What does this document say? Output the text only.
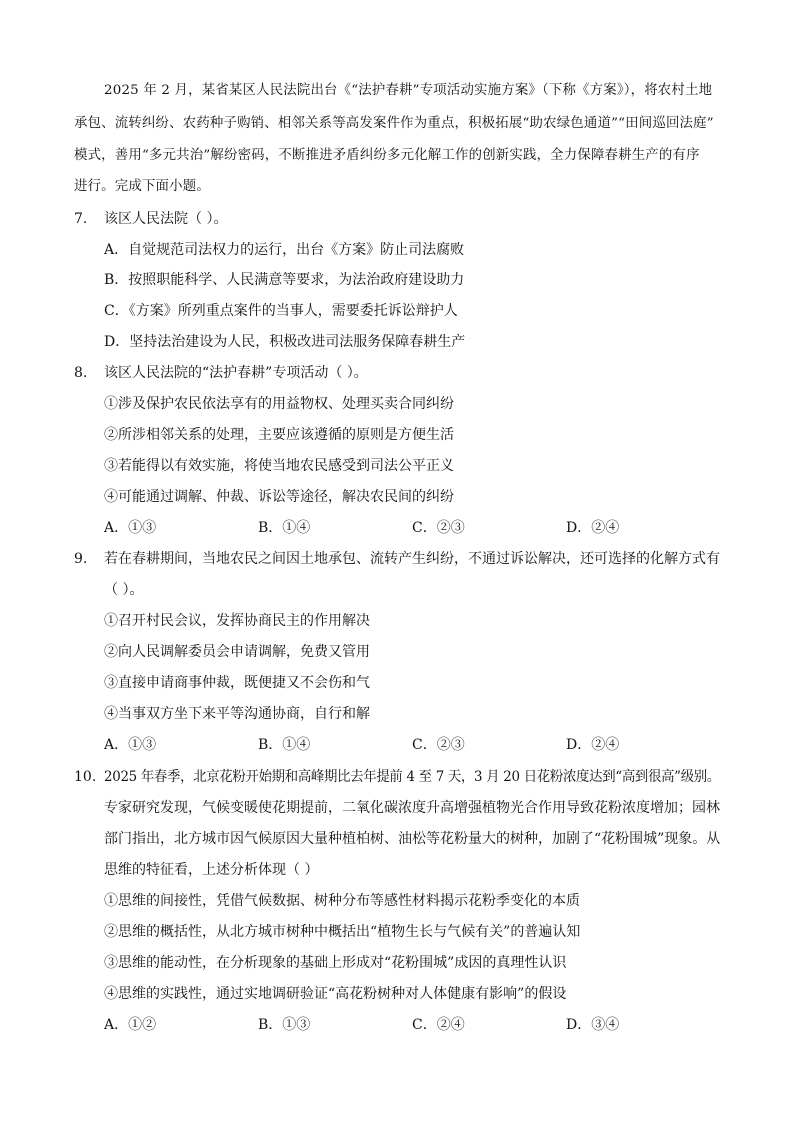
2025 年 2 月，某省某区人民法院出台《“法护春耕”专项活动实施方案》（下称《方案》），将农村土地
承包、流转纠纷、农药种子购销、相邻关系等高发案件作为重点，积极拓展“助农绿色通道”“田间巡回法庭”
模式，善用“多元共治”解纷密码，不断推进矛盾纠纷多元化解工作的创新实践，全力保障春耕生产的有序
进行。完成下面小题。
7. 该区人民法院（ ）。
A．自觉规范司法权力的运行，出台《方案》防止司法腐败
B．按照职能科学、人民满意等要求，为法治政府建设助力
C．《方案》所列重点案件的当事人，需要委托诉讼辩护人
D．坚持法治建设为人民，积极改进司法服务保障春耕生产
8. 该区人民法院的“法护春耕”专项活动（ ）。
①涉及保护农民依法享有的用益物权、处理买卖合同纠纷
②所涉相邻关系的处理，主要应该遵循的原则是方便生活
③若能得以有效实施，将使当地农民感受到司法公平正义
④可能通过调解、仲裁、诉讼等途径，解决农民间的纠纷
A．①③	B．①④	C．②③	D．②④
9. 若在春耕期间，当地农民之间因土地承包、流转产生纠纷，不通过诉讼解决，还可选择的化解方式有
（ ）。
①召开村民会议，发挥协商民主的作用解决
②向人民调解委员会申请调解，免费又管用
③直接申请商事仲裁，既便捷又不会伤和气
④当事双方坐下来平等沟通协商，自行和解
A．①③	B．①④	C．②③	D．②④
10. 2025 年春季，北京花粉开始期和高峰期比去年提前 4 至 7 天，3 月 20 日花粉浓度达到“高到很高”级别。
专家研究发现，气候变暖使花期提前，二氧化碳浓度升高增强植物光合作用导致花粉浓度增加；园林
部门指出，北方城市因气候原因大量种植柏树、油松等花粉量大的树种，加剧了“花粉围城”现象。从
思维的特征看，上述分析体现（ ）
①思维的间接性，凭借气候数据、树种分布等感性材料揭示花粉季变化的本质
②思维的概括性，从北方城市树种中概括出“植物生长与气候有关”的普遍认知
③思维的能动性，在分析现象的基础上形成对“花粉围城”成因的真理性认识
④思维的实践性，通过实地调研验证“高花粉树种对人体健康有影响”的假设
A．①②	B．①③	C．②④	D．③④
